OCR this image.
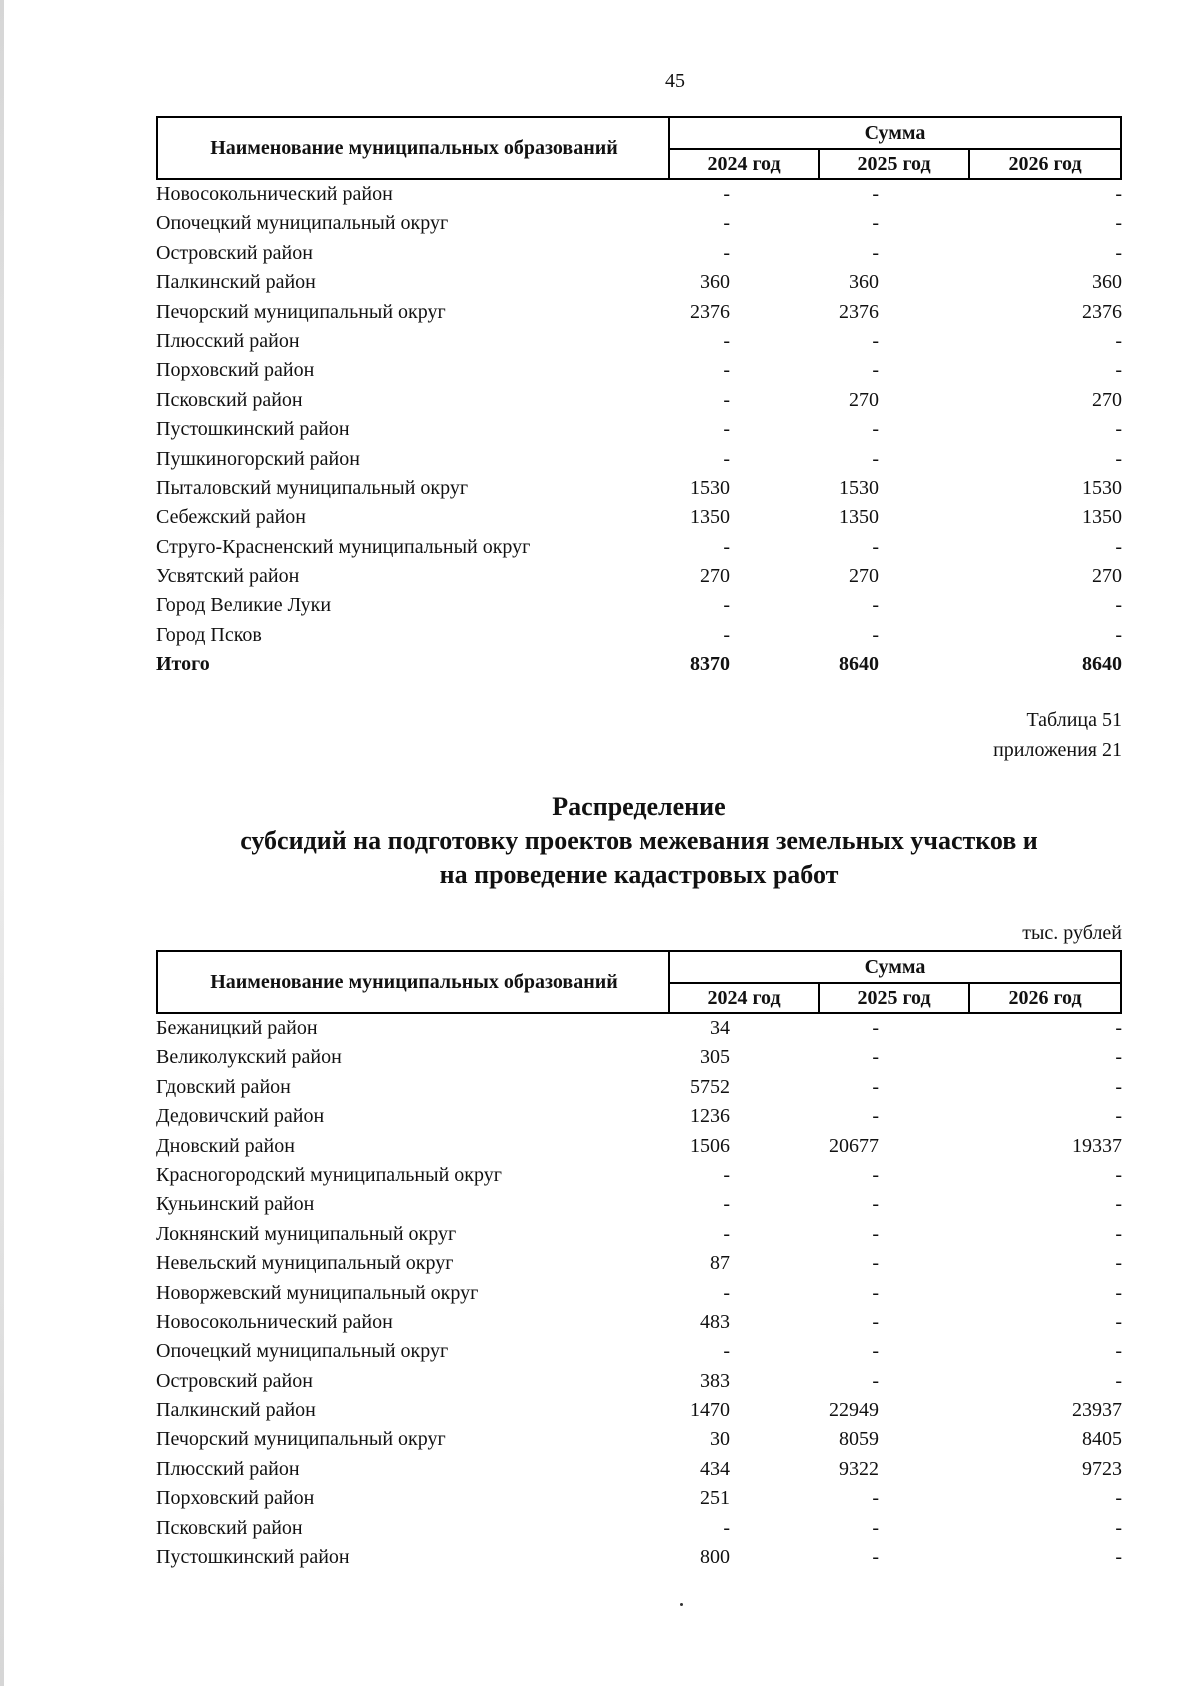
45
Наименование муниципальных образований
Сумма
2024 год	2025 год	2026 год
Новосокольнический район	-	-	-
Опочецкий муниципальный округ	-	-	-
Островский район	-	-	-
Палкинский район	360	360	360
Печорский муниципальный округ	2376	2376	2376
Плюсский район	-	-	-
Порховский район	-	-	-
Псковский район	-	270	270
Пустошкинский район	-	-	-
Пушкиногорский район	-	-	-
Пыталовский муниципальный округ	1530	1530	1530
Себежский район	1350	1350	1350
Струго-Красненский муниципальный округ	-	-	-
Усвятский район	270	270	270
Город Великие Луки	-	-	-
Город Псков	-	-	-
Итого	8370	8640	8640
Таблица 51
приложения 21
Распределение
субсидий на подготовку проектов межевания земельных участков и
на проведение кадастровых работ
тыс. рублей
Наименование муниципальных образований
Сумма
2024 год	2025 год	2026 год
Бежаницкий район	34	-	-
Великолукский район	305	-	-
Гдовский район	5752	-	-
Дедовичский район	1236	-	-
Дновский район	1506	20677	19337
Красногородский муниципальный округ	-	-	-
Куньинский район	-	-	-
Локнянский муниципальный округ	-	-	-
Невельский муниципальный округ	87	-	-
Новоржевский муниципальный округ	-	-	-
Новосокольнический район	483	-	-
Опочецкий муниципальный округ	-	-	-
Островский район	383	-	-
Палкинский район	1470	22949	23937
Печорский муниципальный округ	30	8059	8405
Плюсский район	434	9322	9723
Порховский район	251	-	-
Псковский район	-	-	-
Пустошкинский район	800	-	-
